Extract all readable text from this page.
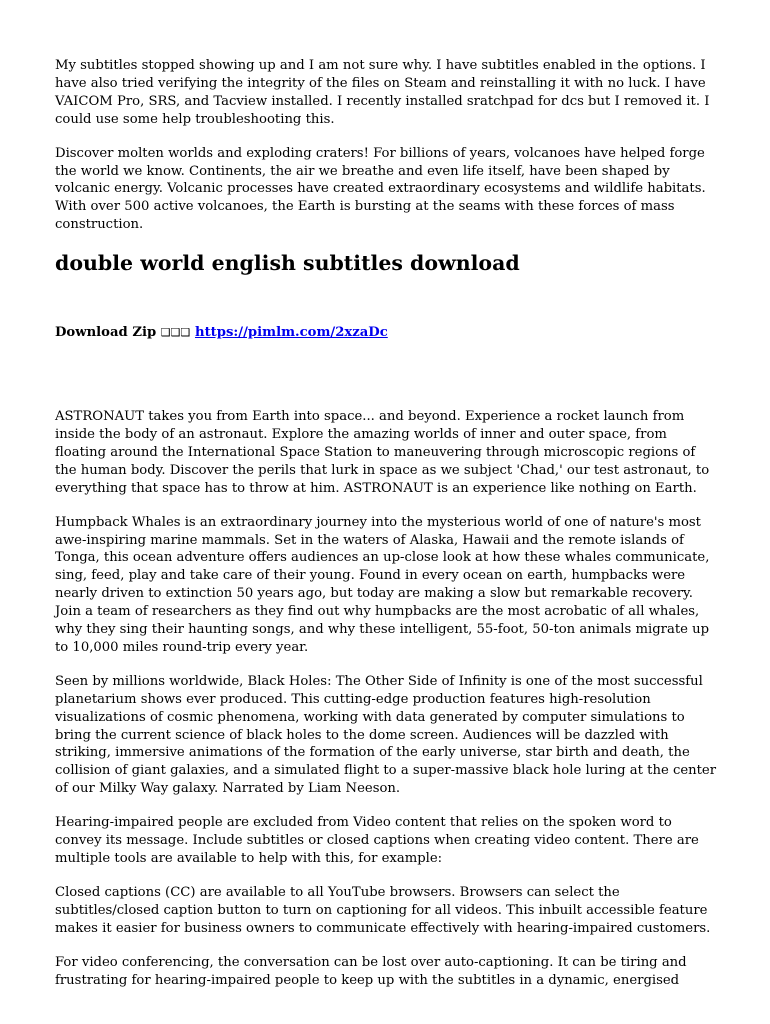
My subtitles stopped showing up and I am not sure why. I have subtitles enabled in the options. I have also tried verifying the integrity of the files on Steam and reinstalling it with no luck. I have VAICOM Pro, SRS, and Tacview installed. I recently installed sratchpad for dcs but I removed it. I could use some help troubleshooting this.

Discover molten worlds and exploding craters! For billions of years, volcanoes have helped forge the world we know. Continents, the air we breathe and even life itself, have been shaped by volcanic energy. Volcanic processes have created extraordinary ecosystems and wildlife habitats. With over 500 active volcanoes, the Earth is bursting at the seams with these forces of mass construction.

double world english subtitles download
Download Zip ❑❑❑ https://pimlm.com/2xzaDc

ASTRONAUT takes you from Earth into space... and beyond. Experience a rocket launch from inside the body of an astronaut. Explore the amazing worlds of inner and outer space, from floating around the International Space Station to maneuvering through microscopic regions of the human body. Discover the perils that lurk in space as we subject 'Chad,' our test astronaut, to everything that space has to throw at him. ASTRONAUT is an experience like nothing on Earth.

Humpback Whales is an extraordinary journey into the mysterious world of one of nature's most awe-inspiring marine mammals. Set in the waters of Alaska, Hawaii and the remote islands of Tonga, this ocean adventure offers audiences an up-close look at how these whales communicate, sing, feed, play and take care of their young. Found in every ocean on earth, humpbacks were nearly driven to extinction 50 years ago, but today are making a slow but remarkable recovery. Join a team of researchers as they find out why humpbacks are the most acrobatic of all whales, why they sing their haunting songs, and why these intelligent, 55-foot, 50-ton animals migrate up to 10,000 miles round-trip every year.

Seen by millions worldwide, Black Holes: The Other Side of Infinity is one of the most successful planetarium shows ever produced. This cutting-edge production features high-resolution visualizations of cosmic phenomena, working with data generated by computer simulations to bring the current science of black holes to the dome screen. Audiences will be dazzled with striking, immersive animations of the formation of the early universe, star birth and death, the collision of giant galaxies, and a simulated flight to a super-massive black hole luring at the center of our Milky Way galaxy. Narrated by Liam Neeson.

Hearing-impaired people are excluded from Video content that relies on the spoken word to convey its message. Include subtitles or closed captions when creating video content. There are multiple tools are available to help with this, for example:

Closed captions (CC) are available to all YouTube browsers. Browsers can select the subtitles/closed caption button to turn on captioning for all videos. This inbuilt accessible feature makes it easier for business owners to communicate effectively with hearing-impaired customers.

For video conferencing, the conversation can be lost over auto-captioning. It can be tiring and frustrating for hearing-impaired people to keep up with the subtitles in a dynamic, energised
